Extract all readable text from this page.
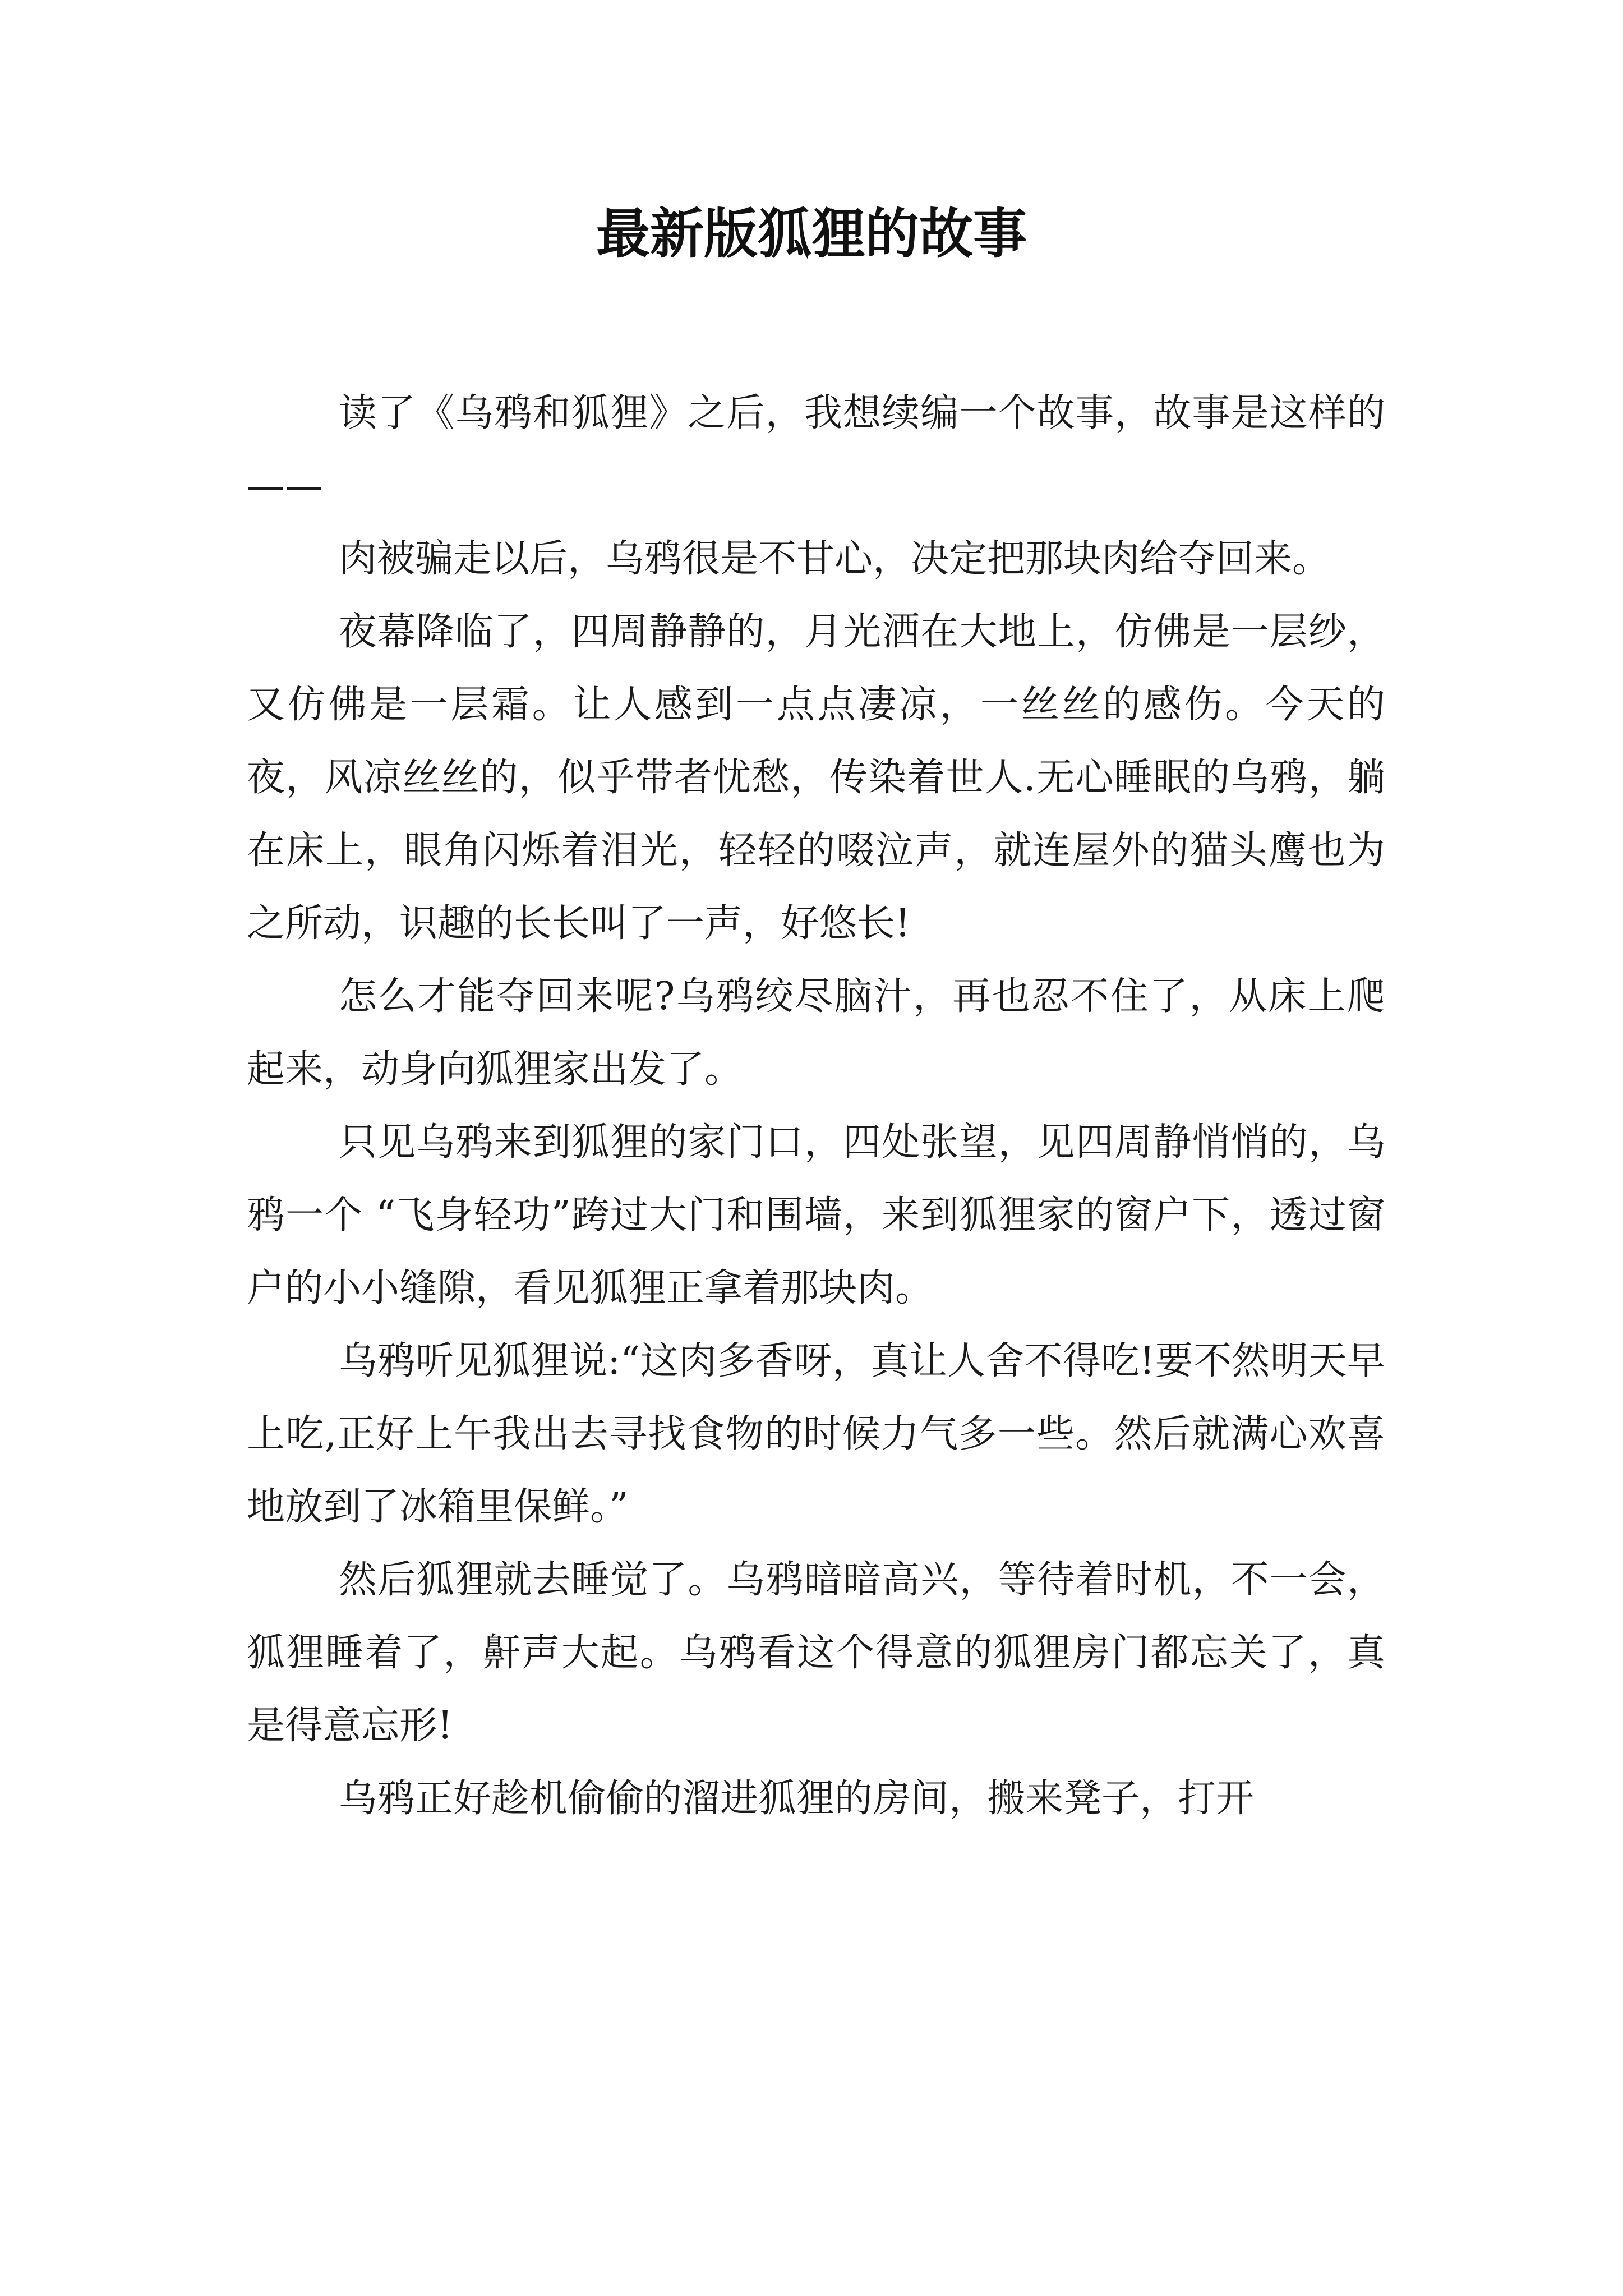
最新版狐狸的故事

读了《乌鸦和狐狸》之后，我想续编一个故事，故事是这样的——

肉被骗走以后，乌鸦很是不甘心，决定把那块肉给夺回来。

夜幕降临了，四周静静的，月光洒在大地上，仿佛是一层纱，又仿佛是一层霜。让人感到一点点凄凉，一丝丝的感伤。今天的夜，风凉丝丝的，似乎带者忧愁，传染着世人.无心睡眠的乌鸦，躺在床上，眼角闪烁着泪光，轻轻的啜泣声，就连屋外的猫头鹰也为之所动，识趣的长长叫了一声，好悠长!

怎么才能夺回来呢?乌鸦绞尽脑汁，再也忍不住了，从床上爬起来，动身向狐狸家出发了。

只见乌鸦来到狐狸的家门口，四处张望，见四周静悄悄的，乌鸦一个 “飞身轻功”跨过大门和围墙，来到狐狸家的窗户下，透过窗户的小小缝隙，看见狐狸正拿着那块肉。

乌鸦听见狐狸说:“这肉多香呀，真让人舍不得吃!要不然明天早上吃,正好上午我出去寻找食物的时候力气多一些。然后就满心欢喜地放到了冰箱里保鲜。”

然后狐狸就去睡觉了。乌鸦暗暗高兴，等待着时机，不一会，狐狸睡着了，鼾声大起。乌鸦看这个得意的狐狸房门都忘关了，真是得意忘形!

乌鸦正好趁机偷偷的溜进狐狸的房间，搬来凳子，打开
